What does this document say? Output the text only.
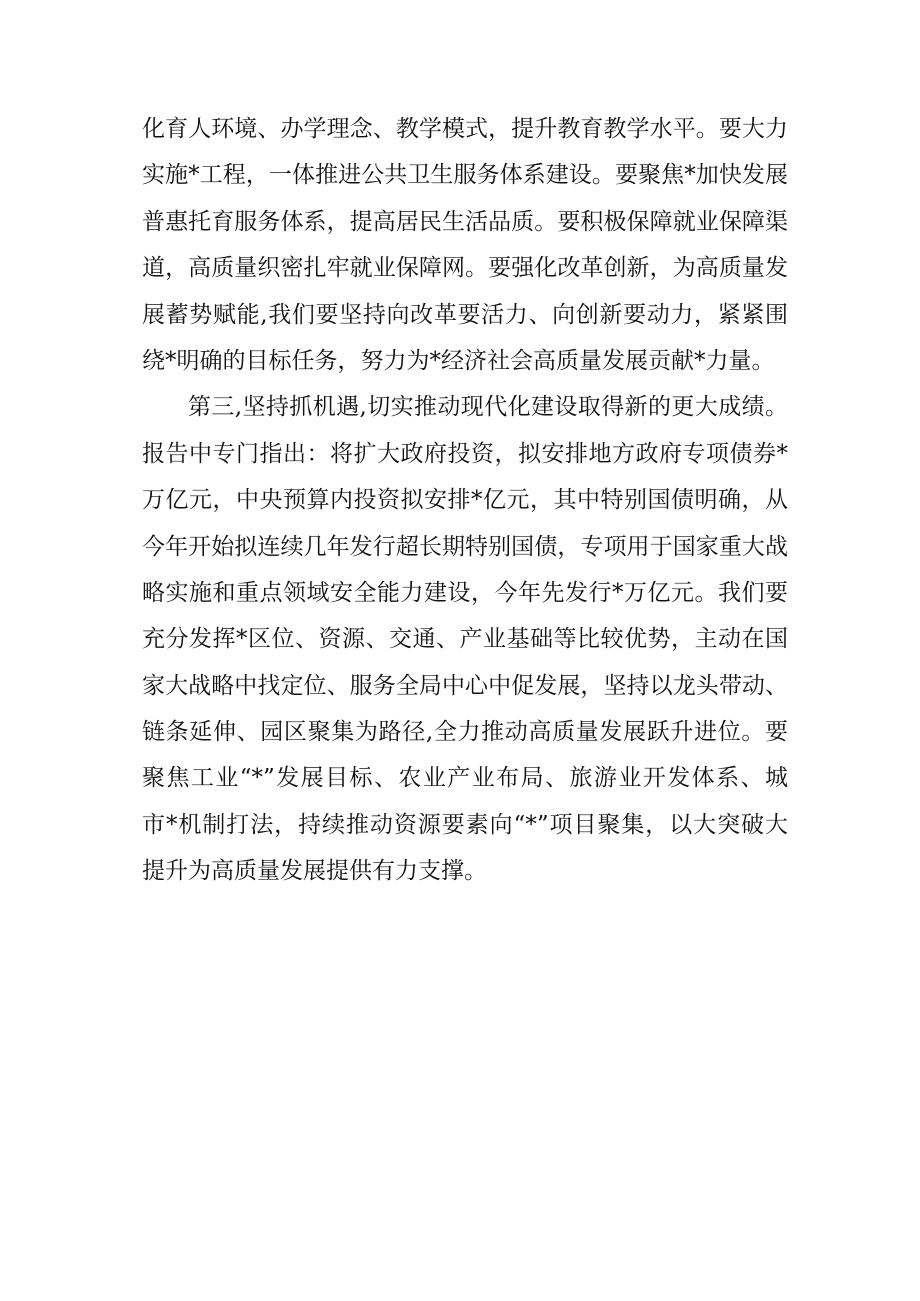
化育人环境、办学理念、教学模式，提升教育教学水平。要大力
实施*工程，一体推进公共卫生服务体系建设。要聚焦*加快发展
普惠托育服务体系，提高居民生活品质。要积极保障就业保障渠
道，高质量织密扎牢就业保障网。要强化改革创新，为高质量发
展蓄势赋能,我们要坚持向改革要活力、向创新要动力，紧紧围
绕*明确的目标任务，努力为*经济社会高质量发展贡献*力量。
第三,坚持抓机遇,切实推动现代化建设取得新的更大成绩。
报告中专门指出：将扩大政府投资，拟安排地方政府专项债券*
万亿元，中央预算内投资拟安排*亿元，其中特别国债明确，从
今年开始拟连续几年发行超长期特别国债，专项用于国家重大战
略实施和重点领域安全能力建设，今年先发行*万亿元。我们要
充分发挥*区位、资源、交通、产业基础等比较优势，主动在国
家大战略中找定位、服务全局中心中促发展，坚持以龙头带动、
链条延伸、园区聚集为路径,全力推动高质量发展跃升进位。要
聚焦工业“*”发展目标、农业产业布局、旅游业开发体系、城
市*机制打法，持续推动资源要素向“*”项目聚集，以大突破大
提升为高质量发展提供有力支撑。
